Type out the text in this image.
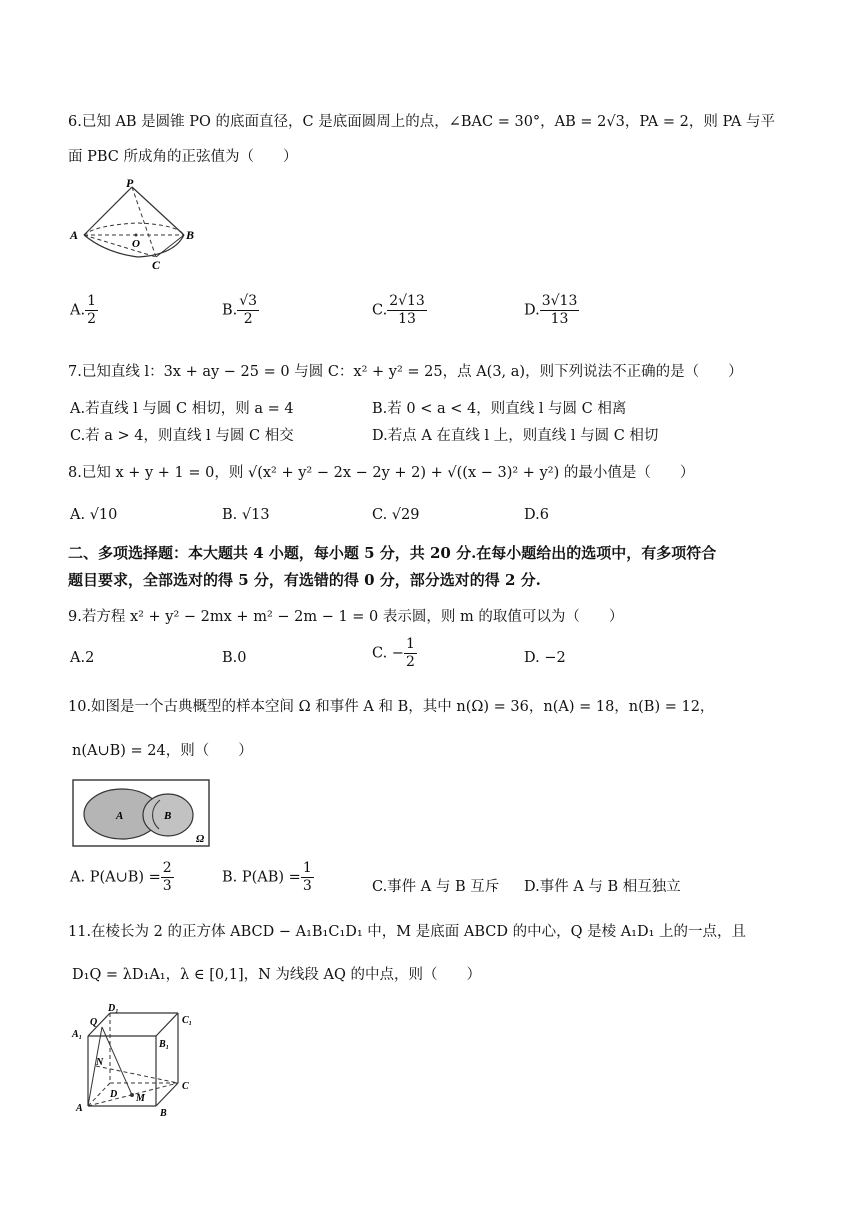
6.已知 AB 是圆锥 PO 的底面直径，C 是底面圆周上的点，∠BAC = 30°，AB = 2√3，PA = 2，则 PA 与平
面 PBC 所成角的正弦值为（　　）
P
A	B
O
C
A. $\frac{1}{2}$	B. $\frac{√3}{2}$	C. $\frac{2√13}{13}$	D. $\frac{3√13}{13}$
7.已知直线 l：3x + ay − 25 = 0 与圆 C：x² + y² = 25，点 A(3, a)，则下列说法不正确的是（　　）
A.若直线 l 与圆 C 相切，则 a = 4	B.若 0 < a < 4，则直线 l 与圆 C 相离
C.若 a > 4，则直线 l 与圆 C 相交	D.若点 A 在直线 l 上，则直线 l 与圆 C 相切
8.已知 x + y + 1 = 0，则 √(x² + y² − 2x − 2y + 2) + √((x − 3)² + y²) 的最小值是（　　）
A. √10	B. √13	C. √29	D.6
二、多项选择题：本大题共 4 小题，每小题 5 分，共 20 分.在每小题给出的选项中，有多项符合
题目要求，全部选对的得 5 分，有选错的得 0 分，部分选对的得 2 分.
9.若方程 x² + y² − 2mx + m² − 2m − 1 = 0 表示圆，则 m 的取值可以为（　　）
A.2	B.0	C. − $\frac{1}{2}$	D. −2
10.如图是一个古典概型的样本空间 Ω 和事件 A 和 B，其中 n(Ω) = 36，n(A) = 18，n(B) = 12，
n(A∪B) = 24，则（　　）
A	B
Ω
A. P(A∪B) = $\frac{2}{3}$	B. $P(AB) = \frac{1}{3}$	C.事件 A 与 B 互斥 D.事件 A 与 B 相互独立
11.在棱长为 2 的正方体 ABCD − A₁B₁C₁D₁ 中，M 是底面 ABCD 的中心，Q 是棱 A₁D₁ 上的一点，且
D₁Q = λD₁A₁，λ ∈ [0,1]，N 为线段 AQ 的中点，则（　　）
D₁
Q	C₁
A₁
B₁
N
C
A
D M
B
